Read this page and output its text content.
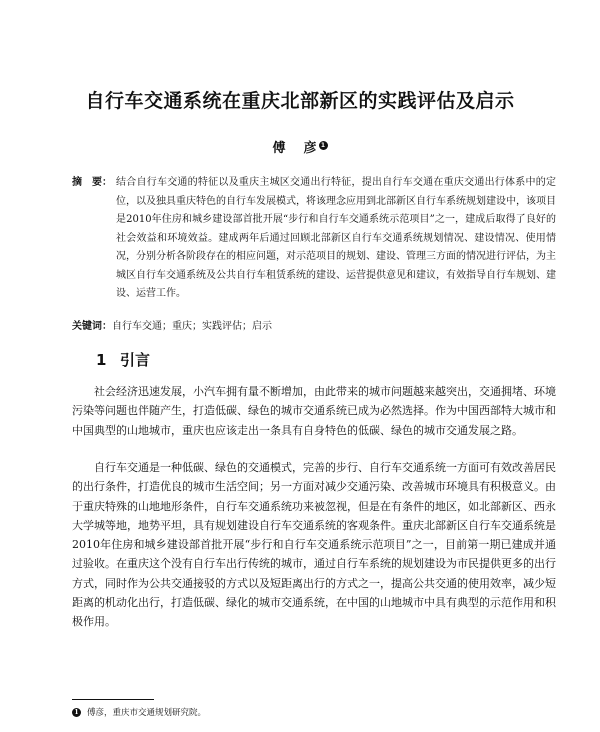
自行车交通系统在重庆北部新区的实践评估及启示
傅 彦 1
摘　要： 结合自行车交通的特征以及重庆主城区交通出行特征，提出自行车交通在重庆交通出行体系中的定位，以及独具重庆特色的自行车发展模式，将该理念应用到北部新区自行车系统规划建设中，该项目是2010年住房和城乡建设部首批开展“步行和自行车交通系统示范项目”之一，建成后取得了良好的社会效益和环境效益。建成两年后通过回顾北部新区自行车交通系统规划情况、建设情况、使用情况，分别分析各阶段存在的相应问题，对示范项目的规划、建设、管理三方面的情况进行评估，为主城区自行车交通系统及公共自行车租赁系统的建设、运营提供意见和建议，有效指导自行车规划、建设、运营工作。
关键词：自行车交通；重庆；实践评估；启示
1 引言
社会经济迅速发展，小汽车拥有量不断增加，由此带来的城市问题越来越突出，交通拥堵、环境污染等问题也伴随产生，打造低碳、绿色的城市交通系统已成为必然选择。作为中国西部特大城市和中国典型的山地城市，重庆也应该走出一条具有自身特色的低碳、绿色的城市交通发展之路。
自行车交通是一种低碳、绿色的交通模式，完善的步行、自行车交通系统一方面可有效改善居民的出行条件，打造优良的城市生活空间；另一方面对减少交通污染、改善城市环境具有积极意义。由于重庆特殊的山地地形条件，自行车交通系统功来被忽视，但是在有条件的地区，如北部新区、西永大学城等地，地势平坦，具有规划建设自行车交通系统的客观条件。重庆北部新区自行车交通系统是2010年住房和城乡建设部首批开展“步行和自行车交通系统示范项目”之一，目前第一期已建成并通过验收。在重庆这个没有自行车出行传统的城市，通过自行车系统的规划建设为市民提供更多的出行方式，同时作为公共交通接驳的方式以及短距离出行的方式之一，提高公共交通的使用效率，减少短距离的机动化出行，打造低碳、绿化的城市交通系统，在中国的山地城市中具有典型的示范作用和积极作用。
1 傅彦，重庆市交通规划研究院。
